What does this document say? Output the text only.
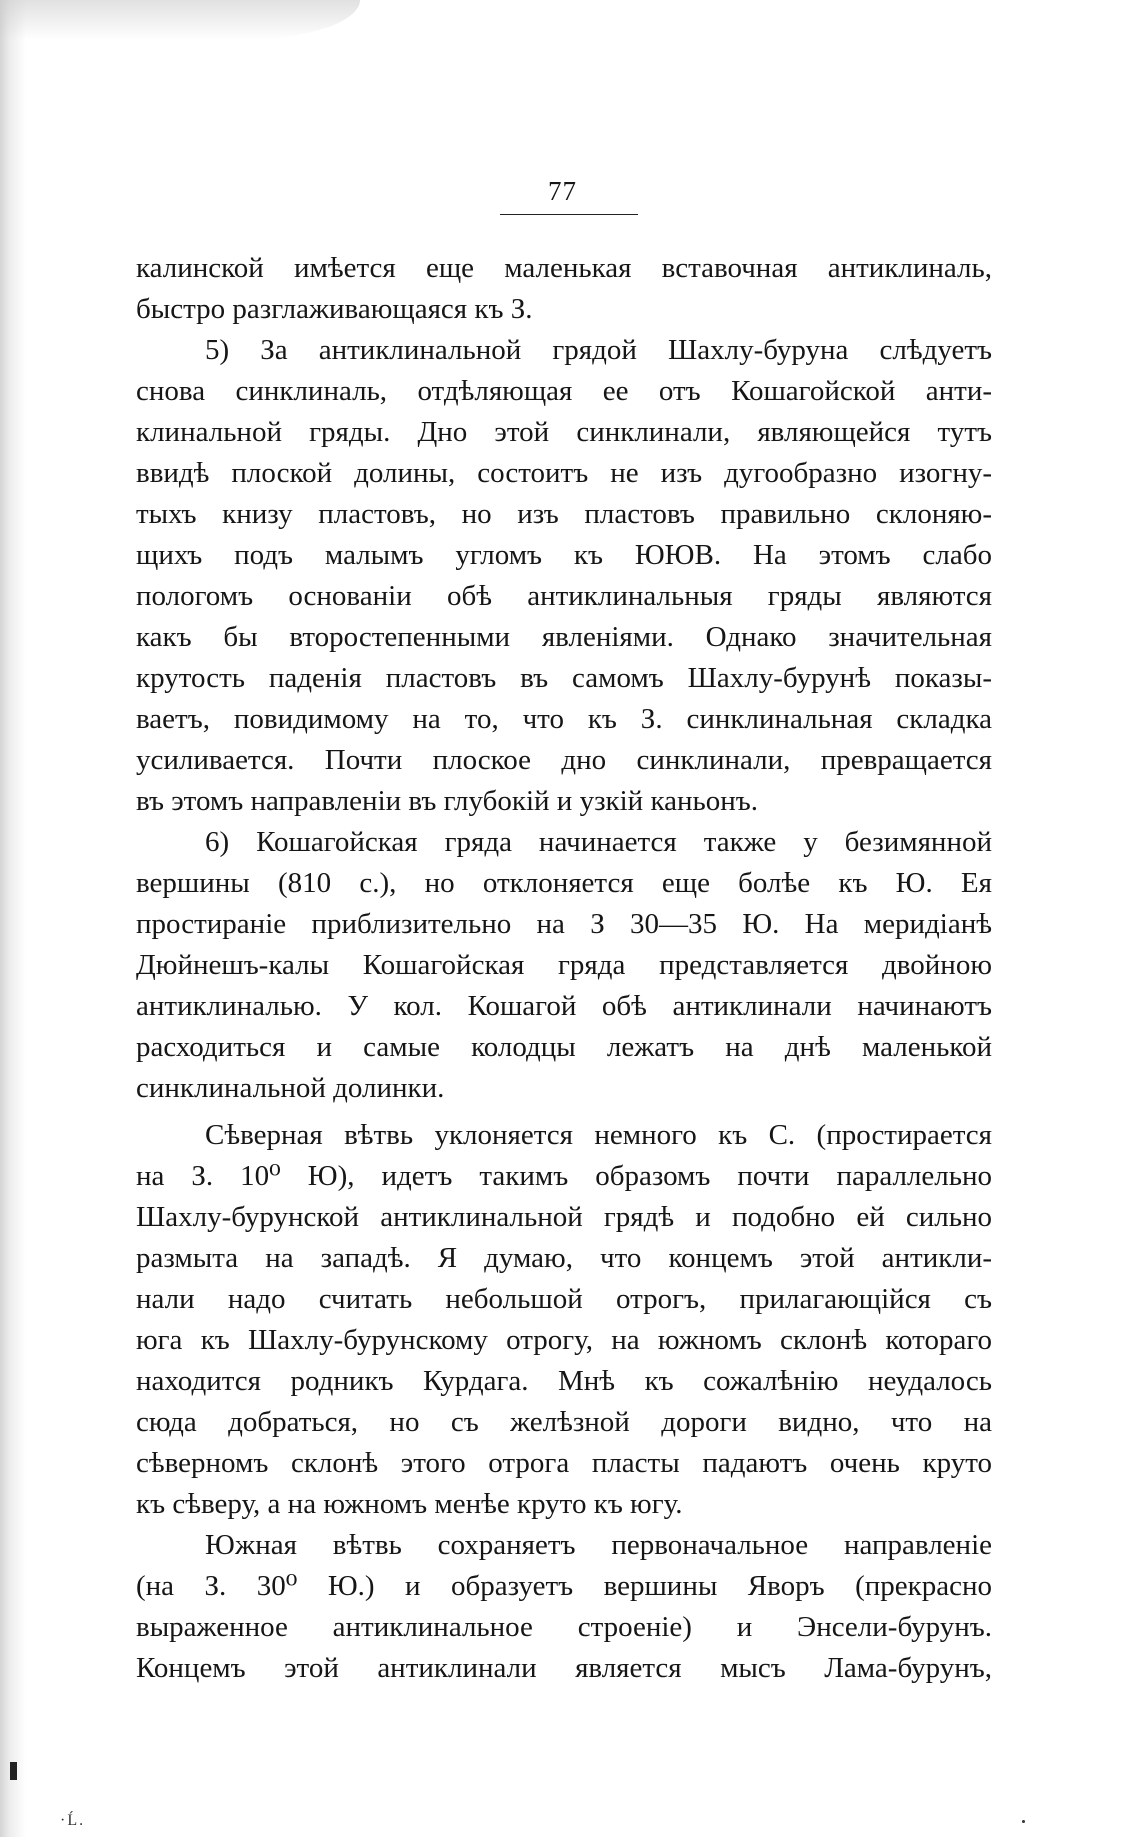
77
калинской имѣется еще маленькая вставочная антиклиналь,
быстро разглаживающаяся къ З.
5) За антиклинальной грядой Шахлу-буруна слѣдуетъ
снова синклиналь, отдѣляющая ее отъ Кошагойской анти-
клинальной гряды. Дно этой синклинали, являющейся тутъ
ввидѣ плоской долины, состоитъ не изъ дугообразно изогну-
тыхъ книзу пластовъ, но изъ пластовъ правильно склоняю-
щихъ подъ малымъ угломъ къ ЮЮВ. На этомъ слабо
пологомъ основанiи обѣ антиклинальныя гряды являются
какъ бы второстепенными явленiями. Однако значительная
крутость паденiя пластовъ въ самомъ Шахлу-бурунѣ показы-
ваетъ, повидимому на то, что къ З. синклинальная складка
усиливается. Почти плоское дно синклинали, превращается
въ этомъ направленiи въ глубокiй и узкiй каньонъ.
6) Кошагойская гряда начинается также у безимянной
вершины (810 с.), но отклоняется еще болѣе къ Ю. Ея
простиранiе приблизительно на З 30—35 Ю. На меридiанѣ
Дюйнешъ-калы Кошагойская гряда представляется двойною
антиклиналью. У кол. Кошагой обѣ антиклинали начинаютъ
расходиться и самые колодцы лежатъ на днѣ маленькой
синклинальной долинки.
Сѣверная вѣтвь уклоняется немного къ С. (простирается
на З. 10⁰ Ю), идетъ такимъ образомъ почти параллельно
Шахлу-бурунской антиклинальной грядѣ и подобно ей сильно
размыта на западѣ. Я думаю, что концемъ этой антикли-
нали надо считать небольшой отрогъ, прилагающiйся съ
юга къ Шахлу-бурунскому отрогу, на южномъ склонѣ котораго
находится родникъ Курдага. Мнѣ къ сожалѣнiю неудалось
сюда добраться, но съ желѣзной дороги видно, что на
сѣверномъ склонѣ этого отрога пласты падаютъ очень круто
къ сѣверу, а на южномъ менѣе круто къ югу.
Южная вѣтвь сохраняетъ первоначальное направленiе
(на З. 30⁰ Ю.) и образуетъ вершины Яворъ (прекрасно
выраженное антиклинальное строенiе) и Энсели-бурунъ.
Концемъ этой антиклинали является мысъ Лама-бурунъ,
·Ĺ.
